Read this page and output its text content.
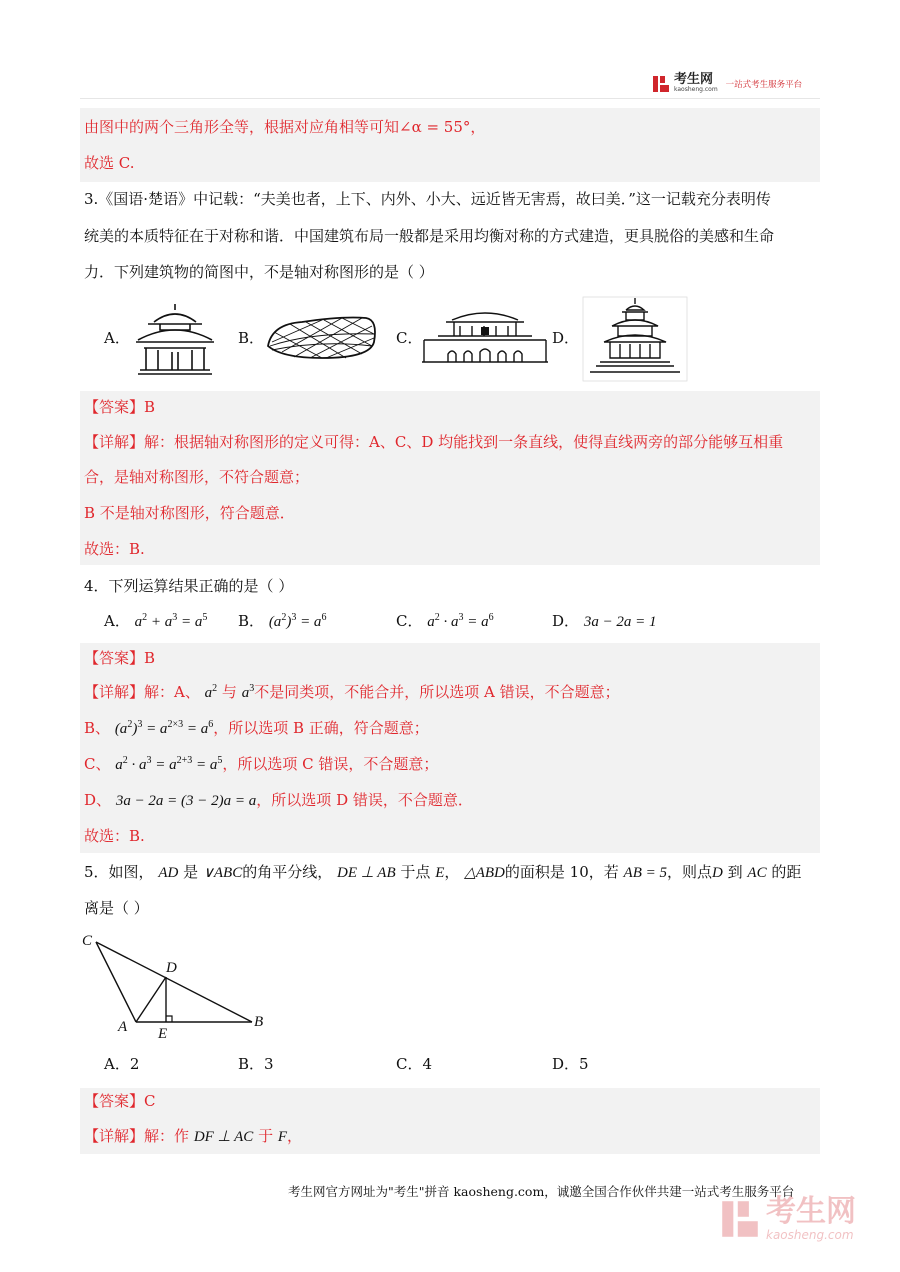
考生网
kaosheng.com 一站式考生服务平台
由图中的两个三角形全等，根据对应角相等可知∠α = 55°，
故选 C.
3.《国语·楚语》中记载：“夫美也者，上下、内外、小大、远近皆无害焉，故曰美．”这一记载充分表明传
统美的本质特征在于对称和谐．中国建筑布局一般都是采用均衡对称的方式建造，更具脱俗的美感和生命
力．下列建筑物的简图中，不是轴对称图形的是（ ）
A．	B．	C．	D．
【答案】B
【详解】解：根据轴对称图形的定义可得：A、C、D 均能找到一条直线，使得直线两旁的部分能够互相重
合，是轴对称图形，不符合题意；
B 不是轴对称图形，符合题意．
故选：B.
4．下列运算结果正确的是（ ）
A． $a^2 + a^3 = a^5$ B． $(a^2)^3 = a^6$	C． $a^2 \cdot a^3 = a^6$	D． 3a − 2a = 1
【答案】B
【详解】解：A、 $a^2$ 与 $a^3$不是同类项，不能合并，所以选项 A 错误，不合题意；
B、 $(a^2)^3 = a^{2\times 3} = a^6$，所以选项 B 正确，符合题意；
C、 $a^2 \cdot a^3 = a^{2+3} = a^5$，所以选项 C 错误，不合题意；
D、 3a − 2a = (3 − 2)a = a，所以选项 D 错误，不合题意．
故选：B.
5．如图， AD 是 ∨ABC的角平分线， DE ⊥ AB 于点 E， △ABD的面积是 10，若 AB = 5，则点D 到 AC 的距
离是（ ）
C
D
A E
B
A．2	B．3	C．4	D．5
【答案】C
【详解】解：作 DF ⊥ AC 于 F，
考生网官方网址为"考生"拼音 kaosheng.com，诚邀全国合作伙伴共建一站式考生服务平台
考生网
kaosheng.com
